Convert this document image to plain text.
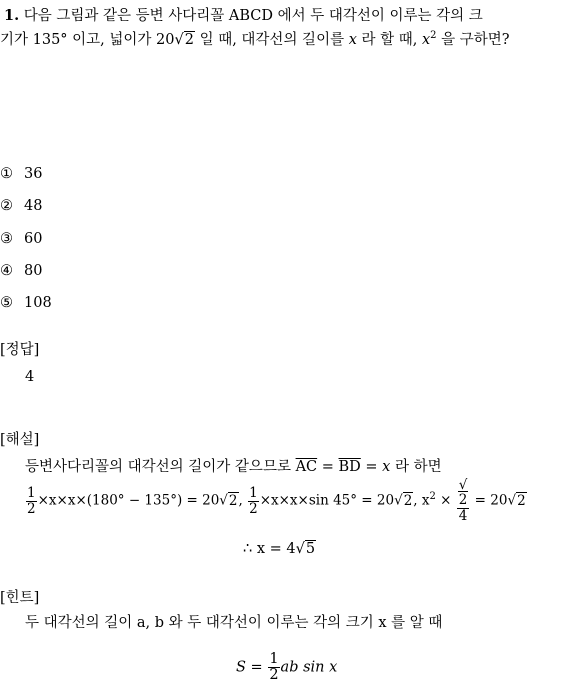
1. 다음 그림과 같은 등변 사다리꼴 ABCD 에서 두 대각선이 이루는 각의 크
기가 135° 이고, 넓이가 20√2 일 때, 대각선의 길이를 x 라 할 때, $x^2$ 을 구하면?
① 36
② 48
③ 60
④ 80
⑤ 108
[정답]
4
[해설]
등변사다리꼴의 대각선의 길이가 같으므로 $\overline{AC} = \overline{BD} = x$ 라 하면
$\frac{1}{2} \times x\times x\times(180^\circ - 135^\circ) = 20√2$, $\frac{1}{2} \times x\times x\times\sin$ 45° = 20√2, $x^2$ × √
2
4 = 20√2
∴ x = 4√5
[힌트]
두 대각선의 길이 a, b 와 두 대각선이 이루는 각의 크기 x 를 알 때
$S = \frac{1}{2}$ ab sin x
